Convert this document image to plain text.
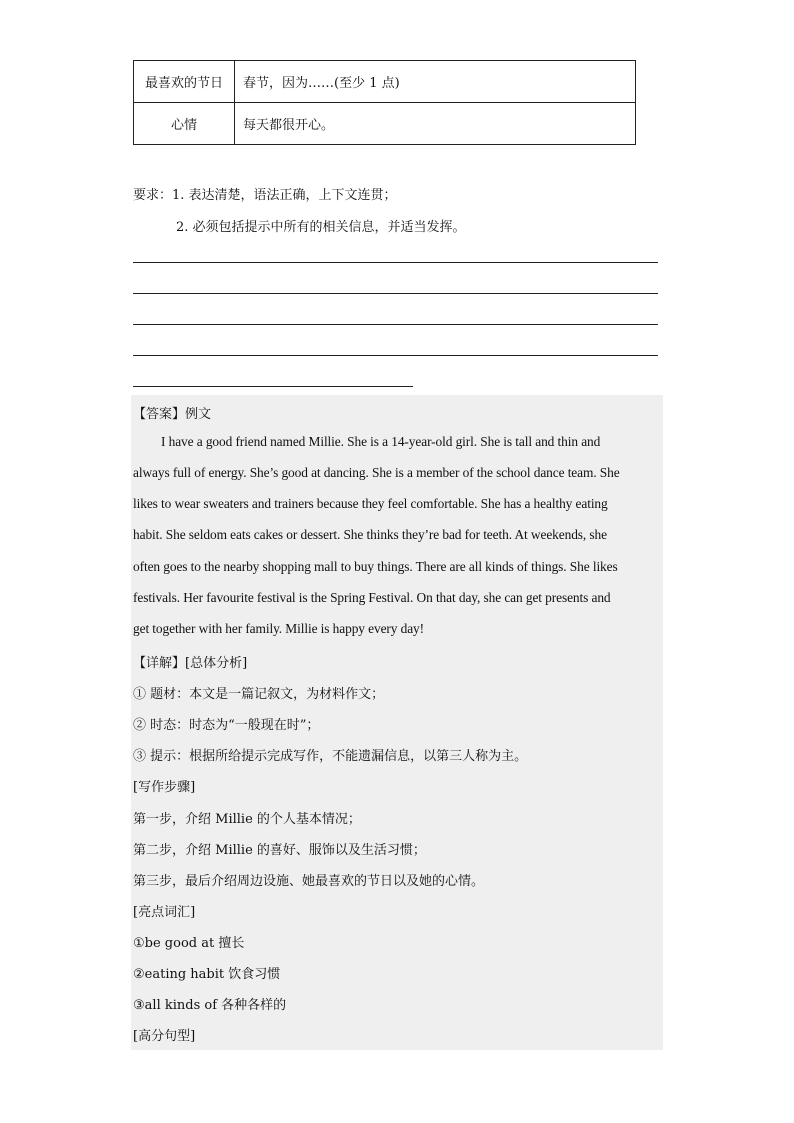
最喜欢的节日	春节，因为……(至少 1 点)
心情	每天都很开心。
要求：1. 表达清楚，语法正确，上下文连贯；
2. 必须包括提示中所有的相关信息，并适当发挥。
【答案】例文
I have a good friend named Millie. She is a 14-year-old girl. She is tall and thin and
always full of energy. She’s good at dancing. She is a member of the school dance team. She
likes to wear sweaters and trainers because they feel comfortable. She has a healthy eating
habit. She seldom eats cakes or dessert. She thinks they’re bad for teeth. At weekends, she
often goes to the nearby shopping mall to buy things. There are all kinds of things. She likes
festivals. Her favourite festival is the Spring Festival. On that day, she can get presents and
get together with her family. Millie is happy every day!
【详解】[总体分析]
① 题材：本文是一篇记叙文，为材料作文；
② 时态：时态为“一般现在时”；
③ 提示：根据所给提示完成写作，不能遗漏信息，以第三人称为主。
[写作步骤]
第一步，介绍 Millie 的个人基本情况；
第二步，介绍 Millie 的喜好、服饰以及生活习惯；
第三步，最后介绍周边设施、她最喜欢的节日以及她的心情。
[亮点词汇]
①be good at 擅长
②eating habit 饮食习惯
③all kinds of 各种各样的
[高分句型]
